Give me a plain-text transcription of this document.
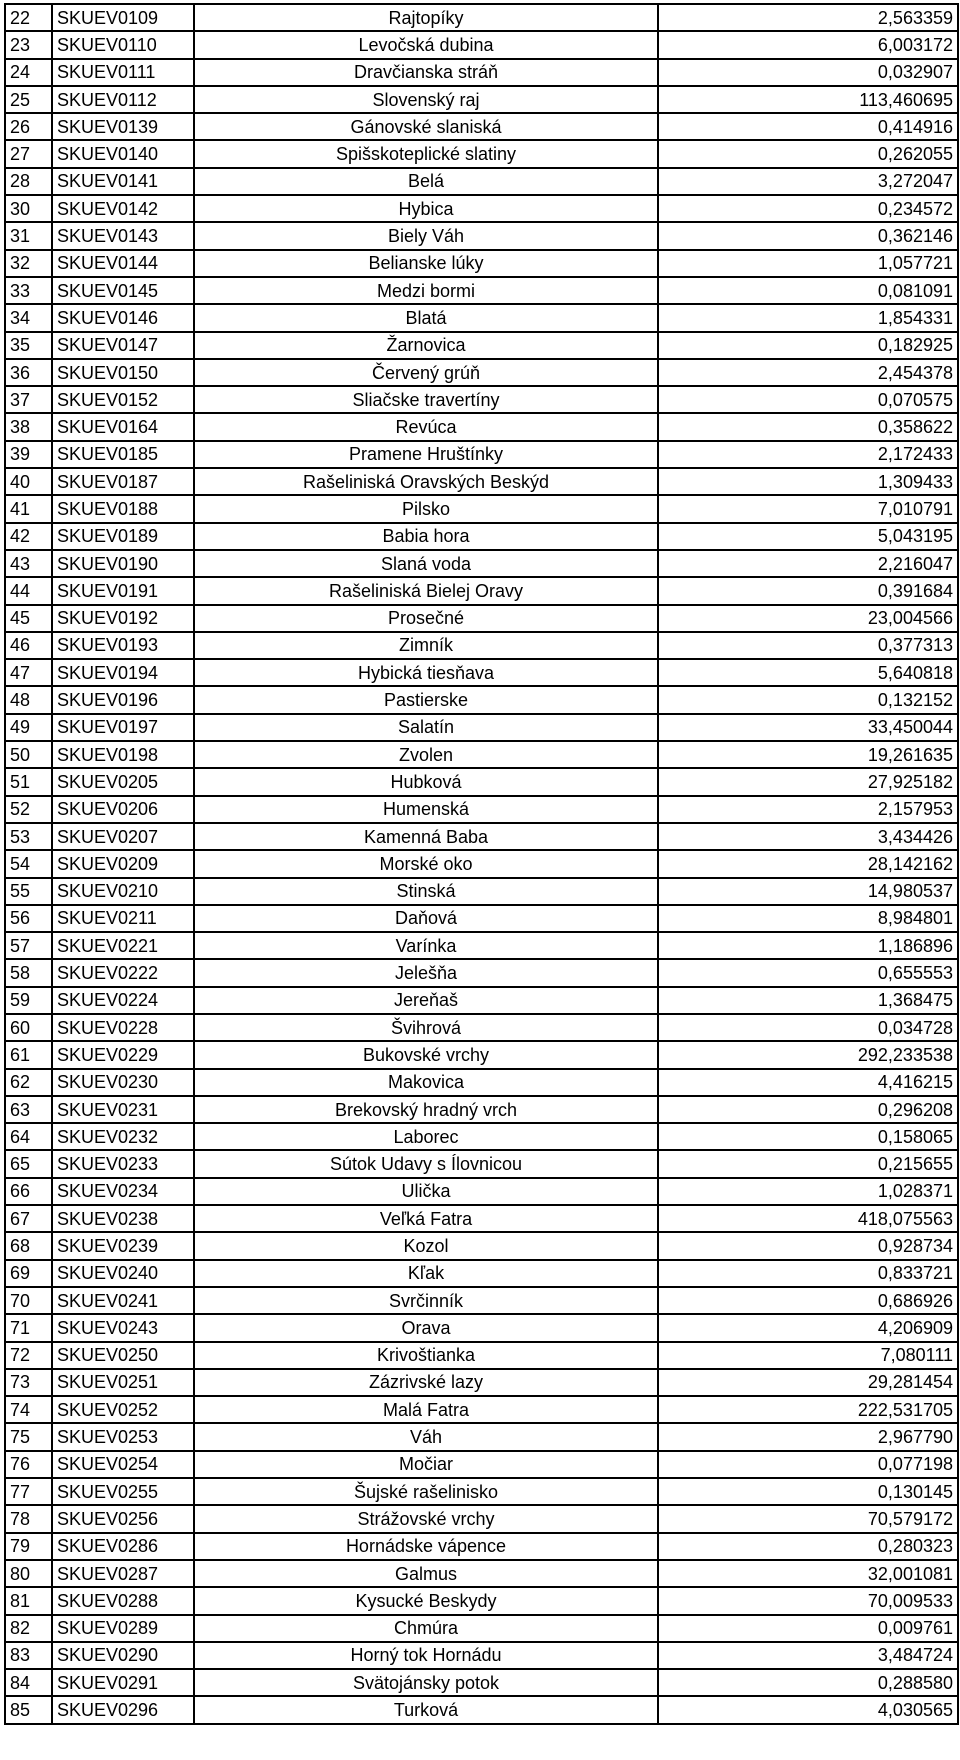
22	SKUEV0109	Rajtopíky	2,563359
23	SKUEV0110	Levočská dubina	6,003172
24	SKUEV0111	Dravčianska stráň	0,032907
25	SKUEV0112	Slovenský raj	113,460695
26	SKUEV0139	Gánovské slaniská	0,414916
27	SKUEV0140	Spišskoteplické slatiny	0,262055
28	SKUEV0141	Belá	3,272047
30	SKUEV0142	Hybica	0,234572
31	SKUEV0143	Biely Váh	0,362146
32	SKUEV0144	Belianske lúky	1,057721
33	SKUEV0145	Medzi bormi	0,081091
34	SKUEV0146	Blatá	1,854331
35	SKUEV0147	Žarnovica	0,182925
36	SKUEV0150	Červený grúň	2,454378
37	SKUEV0152	Sliačske travertíny	0,070575
38	SKUEV0164	Revúca	0,358622
39	SKUEV0185	Pramene Hruštínky	2,172433
40	SKUEV0187	Rašeliniská Oravských Beskýd	1,309433
41	SKUEV0188	Pilsko	7,010791
42	SKUEV0189	Babia hora	5,043195
43	SKUEV0190	Slaná voda	2,216047
44	SKUEV0191	Rašeliniská Bielej Oravy	0,391684
45	SKUEV0192	Prosečné	23,004566
46	SKUEV0193	Zimník	0,377313
47	SKUEV0194	Hybická tiesňava	5,640818
48	SKUEV0196	Pastierske	0,132152
49	SKUEV0197	Salatín	33,450044
50	SKUEV0198	Zvolen	19,261635
51	SKUEV0205	Hubková	27,925182
52	SKUEV0206	Humenská	2,157953
53	SKUEV0207	Kamenná Baba	3,434426
54	SKUEV0209	Morské oko	28,142162
55	SKUEV0210	Stinská	14,980537
56	SKUEV0211	Daňová	8,984801
57	SKUEV0221	Varínka	1,186896
58	SKUEV0222	Jelešňa	0,655553
59	SKUEV0224	Jereňaš	1,368475
60	SKUEV0228	Švihrová	0,034728
61	SKUEV0229	Bukovské vrchy	292,233538
62	SKUEV0230	Makovica	4,416215
63	SKUEV0231	Brekovský hradný vrch	0,296208
64	SKUEV0232	Laborec	0,158065
65	SKUEV0233	Sútok Udavy s Ílovnicou	0,215655
66	SKUEV0234	Ulička	1,028371
67	SKUEV0238	Veľká Fatra	418,075563
68	SKUEV0239	Kozol	0,928734
69	SKUEV0240	Kľak	0,833721
70	SKUEV0241	Svrčinník	0,686926
71	SKUEV0243	Orava	4,206909
72	SKUEV0250	Krivoštianka	7,080111
73	SKUEV0251	Zázrivské lazy	29,281454
74	SKUEV0252	Malá Fatra	222,531705
75	SKUEV0253	Váh	2,967790
76	SKUEV0254	Močiar	0,077198
77	SKUEV0255	Šujské rašelinisko	0,130145
78	SKUEV0256	Strážovské vrchy	70,579172
79	SKUEV0286	Hornádske vápence	0,280323
80	SKUEV0287	Galmus	32,001081
81	SKUEV0288	Kysucké Beskydy	70,009533
82	SKUEV0289	Chmúra	0,009761
83	SKUEV0290	Horný tok Hornádu	3,484724
84	SKUEV0291	Svätojánsky potok	0,288580
85	SKUEV0296	Turková	4,030565
